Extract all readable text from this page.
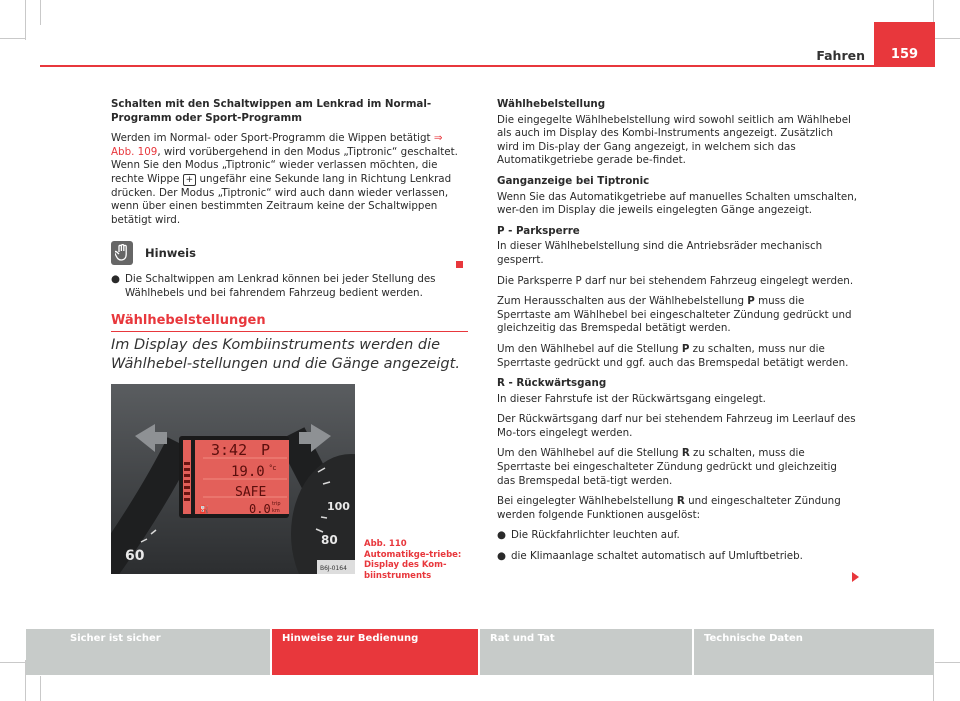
Fahren	159

Schalten mit den Schaltwippen am Lenkrad im Normal-Programm oder Sport-Programm

Werden im Normal- oder Sport-Programm die Wippen betätigt ⇒ Abb. 109, wird vorübergehend in den Modus „Tiptronic“ geschaltet. Wenn Sie den Modus „Tiptronic“ wieder verlassen möchten, die rechte Wippe + ungefähr eine Sekunde lang in Richtung Lenkrad drücken. Der Modus „Tiptronic“ wird auch dann wieder verlassen, wenn über einen bestimmten Zeitraum keine der Schaltwippen betätigt wird.

Hinweis
● Die Schaltwippen am Lenkrad können bei jeder Stellung des Wählhebels und bei fahrendem Fahrzeug bedient werden.
Wählhebelstellungen
Im Display des Kombiinstruments werden die Wählhebel-stellungen und die Gänge angezeigt.
3:42 P
19.0 °c
SAFE
0.0 trip
km
⛽
60
80
100
B6J-0164
Abb. 110 Automatikge-triebe: Display des Kom-biinstruments

Wählhebelstellung

Die eingegelte Wählhebelstellung wird sowohl seitlich am Wählhebel als auch im Display des Kombi-Instruments angezeigt. Zusätzlich wird im Dis-play der Gang angezeigt, in welchem sich das Automatikgetriebe gerade be-findet.

Ganganzeige bei Tiptronic

Wenn Sie das Automatikgetriebe auf manuelles Schalten umschalten, wer-den im Display die jeweils eingelegten Gänge angezeigt.

P - Parksperre

In dieser Wählhebelstellung sind die Antriebsräder mechanisch gesperrt.

Die Parksperre P darf nur bei stehendem Fahrzeug eingelegt werden.

Zum Herausschalten aus der Wählhebelstellung P muss die Sperrtaste am Wählhebel bei eingeschalteter Zündung gedrückt und gleichzeitig das Bremspedal betätigt werden.

Um den Wählhebel auf die Stellung P zu schalten, muss nur die Sperrtaste gedrückt und ggf. auch das Bremspedal betätigt werden.

R - Rückwärtsgang

In dieser Fahrstufe ist der Rückwärtsgang eingelegt.

Der Rückwärtsgang darf nur bei stehendem Fahrzeug im Leerlauf des Mo-tors eingelegt werden.

Um den Wählhebel auf die Stellung R zu schalten, muss die Sperrtaste bei eingeschalteter Zündung gedrückt und gleichzeitig das Bremspedal betä-tigt werden.

Bei eingelegter Wählhebelstellung R und eingeschalteter Zündung werden folgende Funktionen ausgelöst:

● Die Rückfahrlichter leuchten auf.
● die Klimaanlage schaltet automatisch auf Umluftbetrieb.
Sicher ist sicher	Hinweise zur Bedienung	Rat und Tat	Technische Daten
